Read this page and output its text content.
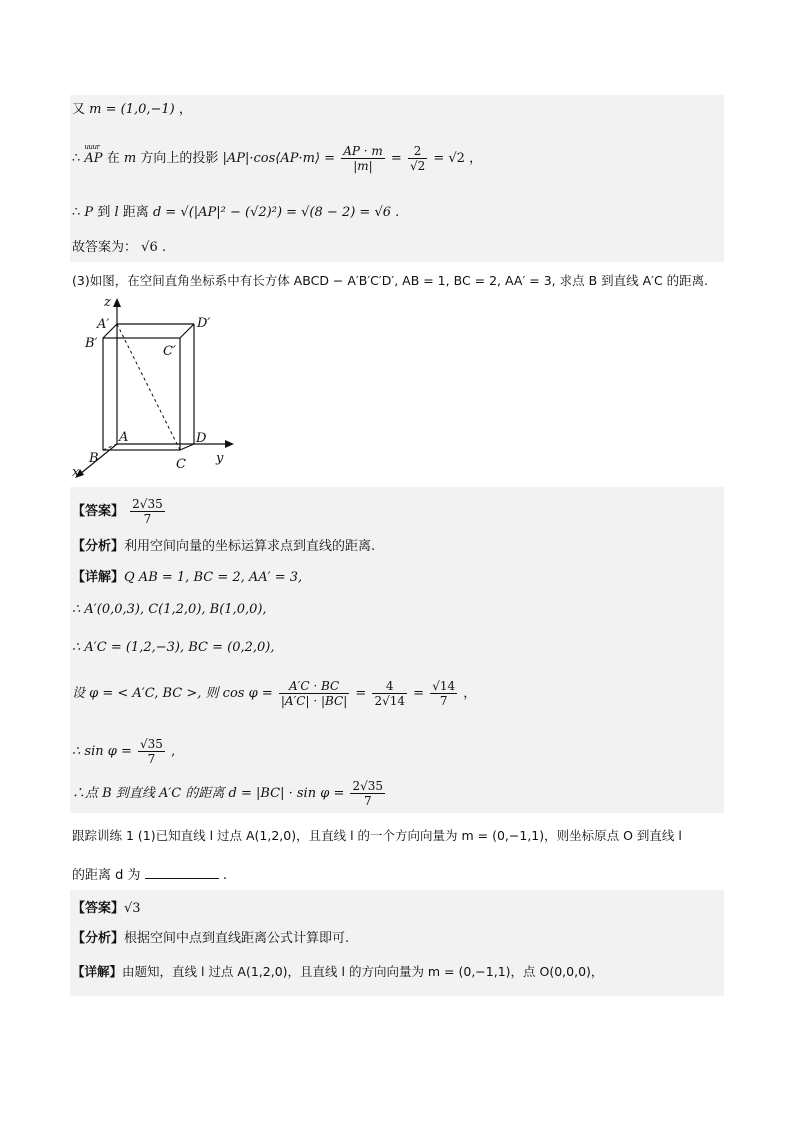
又 m = (1,0,−1) ，
∴ uuur AP 在 m 方向上的投影 |AP|·cos⟨AP·m⟩ = $\frac{AP \cdot m}{|m|} = \frac{2}{√2} = √2$ ，
∴ P 到 l 距离 d = √(|AP|² − (√2)²) = √(8 − 2) = √6 .
故答案为： √6 .
(3)如图，在空间直角坐标系中有长方体 ABCD − A′B′C′D′, AB = 1, BC = 2, AA′ = 3, 求点 B 到直线 A′C 的距离.
z
A′	D′
B′
C′
A	D
B	C y
x
【答案】 $\frac{2√35}{7}$
【分析】利用空间向量的坐标运算求点到直线的距离.
【详解】Q AB = 1, BC = 2, AA′ = 3,
∴ A′(0,0,3), C(1,2,0), B(1,0,0),
∴ A′C = (1,2,−3), BC = (0,2,0),
设 φ = < A′C, BC >, 则 $\cos \varphi = \frac{A'C \cdot BC}{|A'C| \cdot |BC|} = \frac{4}{2√14} = \frac{√14}{7}$ ，
∴ $\sin \varphi = \frac{√35}{7}$ ,
∴点 B 到直线 A′C 的距离 $d = |BC| \cdot \sin \varphi = \frac{2√35}{7}$
跟踪训练 1 (1)已知直线 l 过点 A(1,2,0)，且直线 l 的一个方向向量为 m = (0,−1,1)，则坐标原点 O 到直线 l
的距离 d 为	.
【答案】√3
【分析】根据空间中点到直线距离公式计算即可.
【详解】由题知，直线 l 过点 A(1,2,0)，且直线 l 的方向向量为 m = (0,−1,1)，点 O(0,0,0)，
